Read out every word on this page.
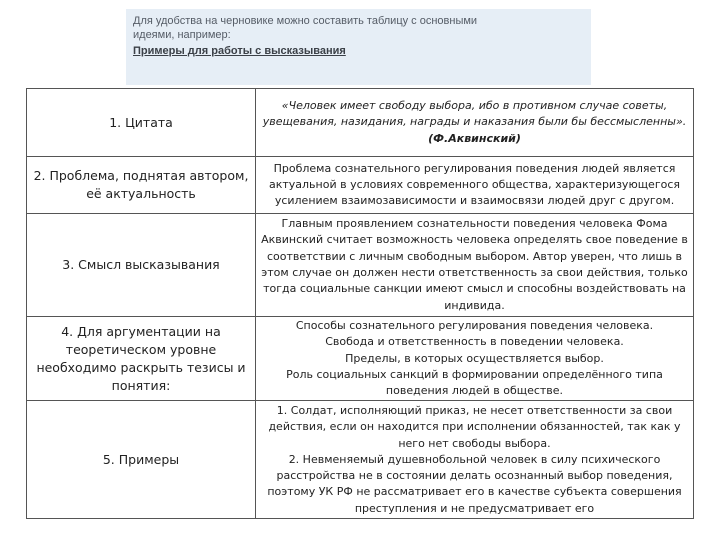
Для удобства на черновике можно составить таблицу с основными

идеями, например:

Примеры для работы с высказывания

1. Цитата	«Человек имеет свободу выбора, ибо в противном случае советы, увещевания, назидания, награды и наказания были бы бессмысленны».
(Ф.Аквинский)

2. Проблема, поднятая автором, её актуальность	Проблема сознательного регулирования поведения людей является актуальной в условиях современного общества, характеризующегося усилением взаимозависимости и взаимосвязи людей друг с другом.
3. Смысл высказывания	Главным проявлением сознательности поведения человека Фома Аквинский считает возможность человека определять свое поведение в соответствии с личным свободным выбором. Автор уверен, что лишь в этом случае он должен нести ответственность за свои действия, только тогда социальные санкции имеют смысл и способны воздействовать на индивида.
4. Для аргументации на теоретическом уровне необходимо раскрыть тезисы и понятия:	Способы сознательного регулирования поведения человека.
Свобода и ответственность в поведении человека.
Пределы, в которых осуществляется выбор.
Роль социальных санкций в формировании определённого типа поведения людей в обществе.

5. Примеры	1. Солдат, исполняющий приказ, не несет ответственности за свои действия, если он находится при исполнении обязанностей, так как у него нет свободы выбора.
2. Невменяемый душевнобольной человек в силу психического расстройства не в состоянии делать осознанный выбор поведения, поэтому УК РФ не рассматривает его в качестве субъекта совершения преступления и не предусматривает его
